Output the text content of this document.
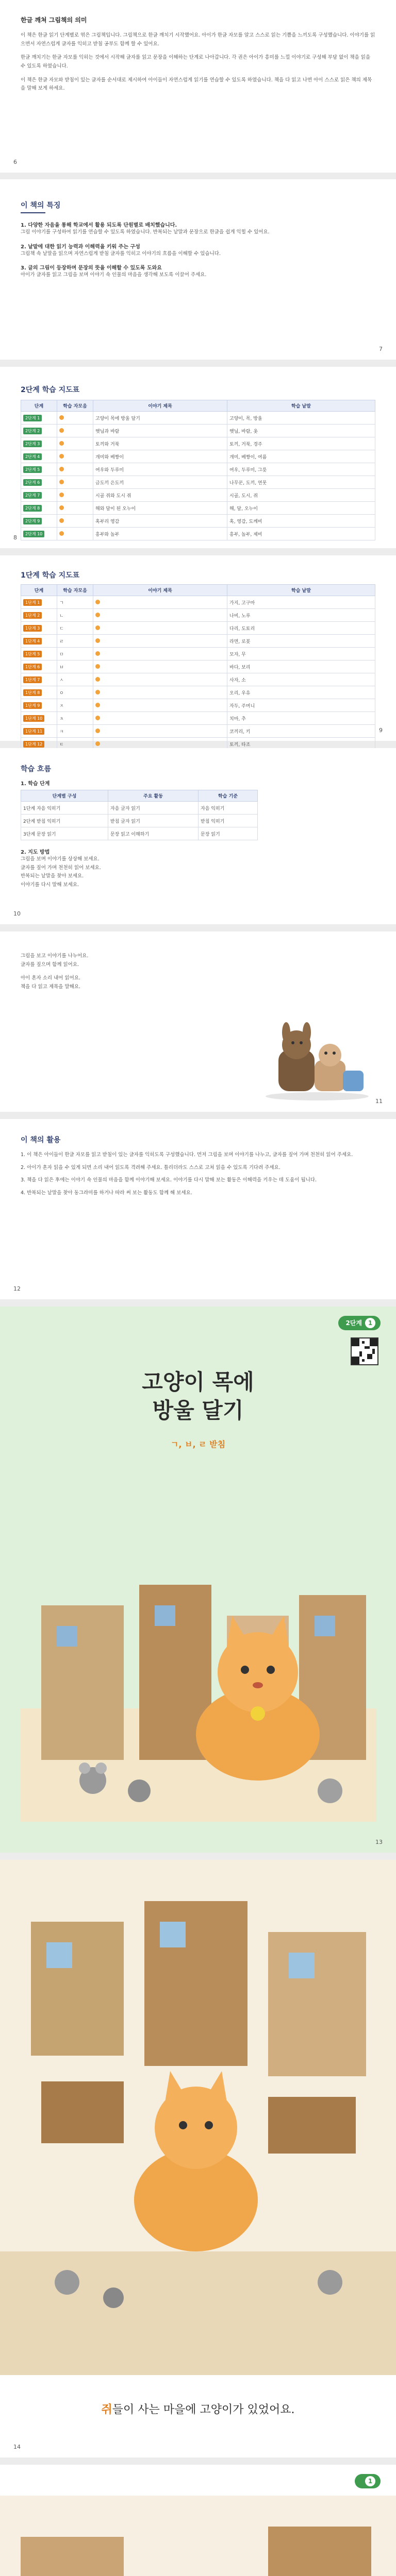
한글 깨쳐 그림책의 의미

이 책은 한글 읽기 단계별로 엮은 그림책입니다. 그림책으로 한글 깨치기 시작했어요. 아이가 한글 자모를 알고 스스로 읽는 기쁨을 느끼도록 구성했습니다. 이야기를 읽으면서 자연스럽게 글자를 익히고 받침 공부도 함께 할 수 있어요.

한글 깨치기는 한글 자모를 익히는 것에서 시작해 글자를 읽고 문장을 이해하는 단계로 나아갑니다. 각 권은 아이가 흥미를 느낄 이야기로 구성해 부담 없이 책을 읽을 수 있도록 하였습니다.

이 책은 한글 자모와 받침이 있는 글자를 순서대로 제시하여 아이들이 자연스럽게 읽기를 연습할 수 있도록 하였습니다. 책을 다 읽고 나면 아이 스스로 읽은 책의 제목을 말해 보게 하세요.

6
이 책의 특징

1. 다양한 자음을 통해 학교에서 활용 되도록 단원별로 배치했습니다.

그림 이야기를 구성하여 읽기를 연습할 수 있도록 하였습니다. 반복되는 낱말과 문장으로 한글을 쉽게 익힐 수 있어요.

2. 낱말에 대한 읽기 능력과 이해력을 키워 주는 구성

그림책 속 낱말을 읽으며 자연스럽게 받침 글자를 익히고 이야기의 흐름을 이해할 수 있습니다.

3. 글의 그림이 등장하며 문장의 뜻을 이해할 수 있도록 도와요

아이가 글자를 읽고 그림을 보며 이야기 속 인물의 마음을 생각해 보도록 이끌어 주세요.

7
2단계 학습 지도표
단계	학습 자모음	이야기 제목	학습 낱말
2단계 1		고양이 목에 방울 달기	고양이, 목, 방울
2단계 2		햇님과 바람	햇님, 바람, 옷
2단계 3		토끼와 거북	토끼, 거북, 경주
2단계 4		개미와 베짱이	개미, 베짱이, 여름
2단계 5		여우와 두루미	여우, 두루미, 그릇
2단계 6		금도끼 은도끼	나무꾼, 도끼, 연못
2단계 7		시골 쥐와 도시 쥐	시골, 도시, 쥐
2단계 8		해와 달이 된 오누이	해, 달, 오누이
2단계 9		혹부리 영감	혹, 영감, 도깨비
2단계 10		흥부와 놀부	흥부, 놀부, 제비
8
1단계 학습 지도표
단계	학습 자모음	이야기 제목	학습 낱말
1단계 1	ㄱ		가지, 고구마
1단계 2	ㄴ		나비, 노루
1단계 3	ㄷ		다리, 도토리
1단계 4	ㄹ		라면, 로봇
1단계 5	ㅁ		모자, 무
1단계 6	ㅂ		바다, 보리
1단계 7	ㅅ		사자, 소
1단계 8	ㅇ		오리, 우유
1단계 9	ㅈ		자두, 주머니
1단계 10	ㅊ		치마, 추
1단계 11	ㅋ		코끼리, 키
1단계 12	ㅌ		토끼, 타조
9
학습 흐름

1. 학습 단계

단계별 구성	주요 활동	학습 기준
1단계 자음 익히기	자음 글자 읽기	자음 익히기
2단계 받침 익히기	받침 글자 읽기	받침 익히기
3단계 문장 읽기	문장 읽고 이해하기	문장 읽기

2. 지도 방법

그림을 보며 이야기를 상상해 보세요.

글자를 짚어 가며 천천히 읽어 보세요.

반복되는 낱말을 찾아 보세요.

이야기를 다시 말해 보세요.

10

그림을 보고 이야기를 나누어요.

글자를 짚으며 함께 읽어요.

아이 혼자 소리 내어 읽어요.

책을 다 읽고 제목을 말해요.

11
이 책의 활용

1. 이 책은 아이들이 한글 자모를 읽고 받침이 있는 글자를 익히도록 구성했습니다. 먼저 그림을 보며 이야기를 나누고, 글자를 짚어 가며 천천히 읽어 주세요.

2. 아이가 혼자 읽을 수 있게 되면 소리 내어 읽도록 격려해 주세요. 틀리더라도 스스로 고쳐 읽을 수 있도록 기다려 주세요.

3. 책을 다 읽은 후에는 이야기 속 인물의 마음을 함께 이야기해 보세요. 이야기를 다시 말해 보는 활동은 이해력을 키우는 데 도움이 됩니다.

4. 반복되는 낱말을 찾아 동그라미를 하거나 따라 써 보는 활동도 함께 해 보세요.

12
2단계 1
고양이 목에
방울 달기
ㄱ, ㅂ, ㄹ 받침
13
쥐들이 사는 마을에 고양이가 있었어요.
14
1
